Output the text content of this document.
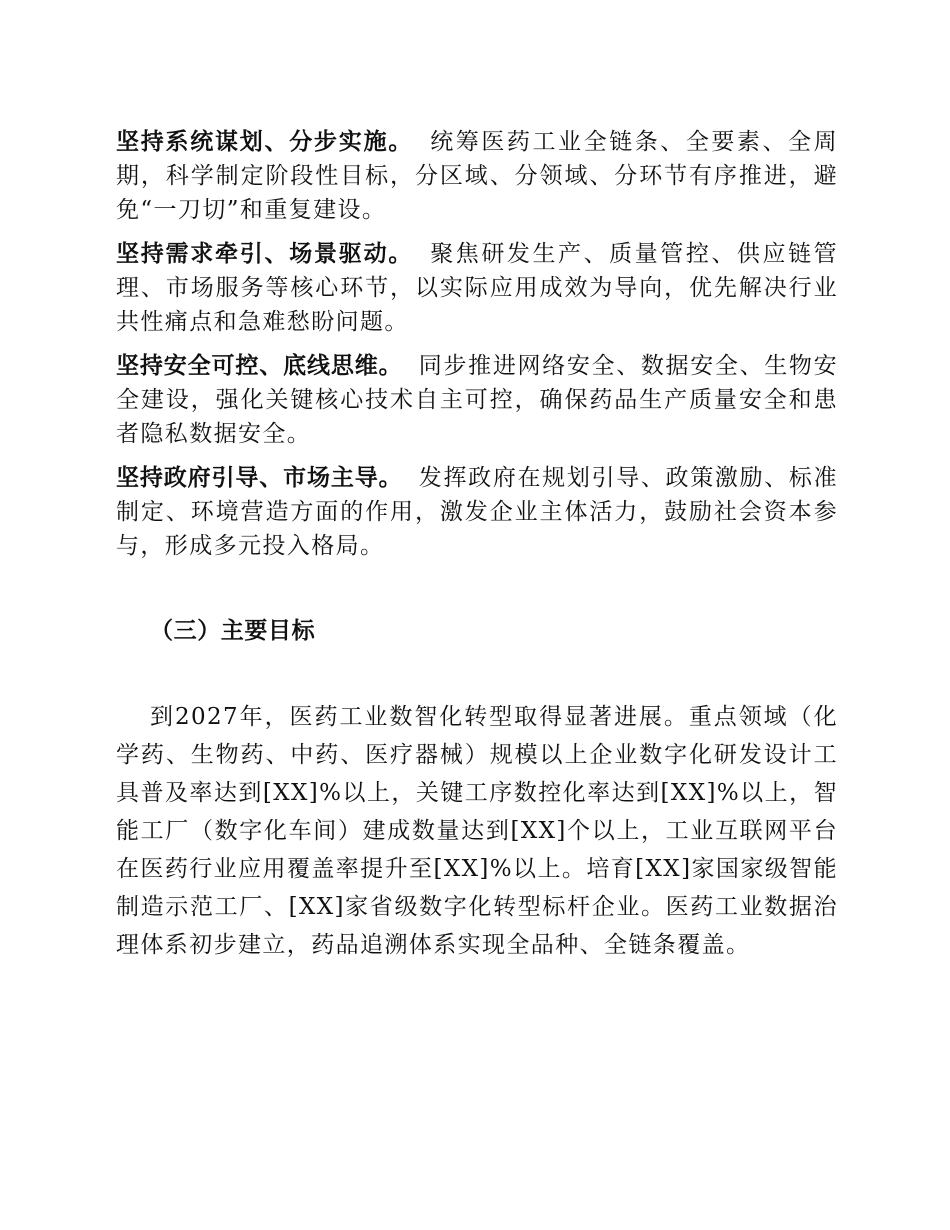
坚持系统谋划、分步实施。 统筹医药工业全链条、全要素、全周期，科学制定阶段性目标，分区域、分领域、分环节有序推进，避免“一刀切”和重复建设。

坚持需求牵引、场景驱动。 聚焦研发生产、质量管控、供应链管理、市场服务等核心环节，以实际应用成效为导向，优先解决行业共性痛点和急难愁盼问题。

坚持安全可控、底线思维。 同步推进网络安全、数据安全、生物安全建设，强化关键核心技术自主可控，确保药品生产质量安全和患者隐私数据安全。

坚持政府引导、市场主导。 发挥政府在规划引导、政策激励、标准制定、环境营造方面的作用，激发企业主体活力，鼓励社会资本参与，形成多元投入格局。

（三）主要目标

到2027年，医药工业数智化转型取得显著进展。重点领域（化学药、生物药、中药、医疗器械）规模以上企业数字化研发设计工具普及率达到[XX]%以上，关键工序数控化率达到[XX]%以上，智能工厂（数字化车间）建成数量达到[XX]个以上，工业互联网平台在医药行业应用覆盖率提升至[XX]%以上。培育[XX]家国家级智能制造示范工厂、[XX]家省级数字化转型标杆企业。医药工业数据治理体系初步建立，药品追溯体系实现全品种、全链条覆盖。
